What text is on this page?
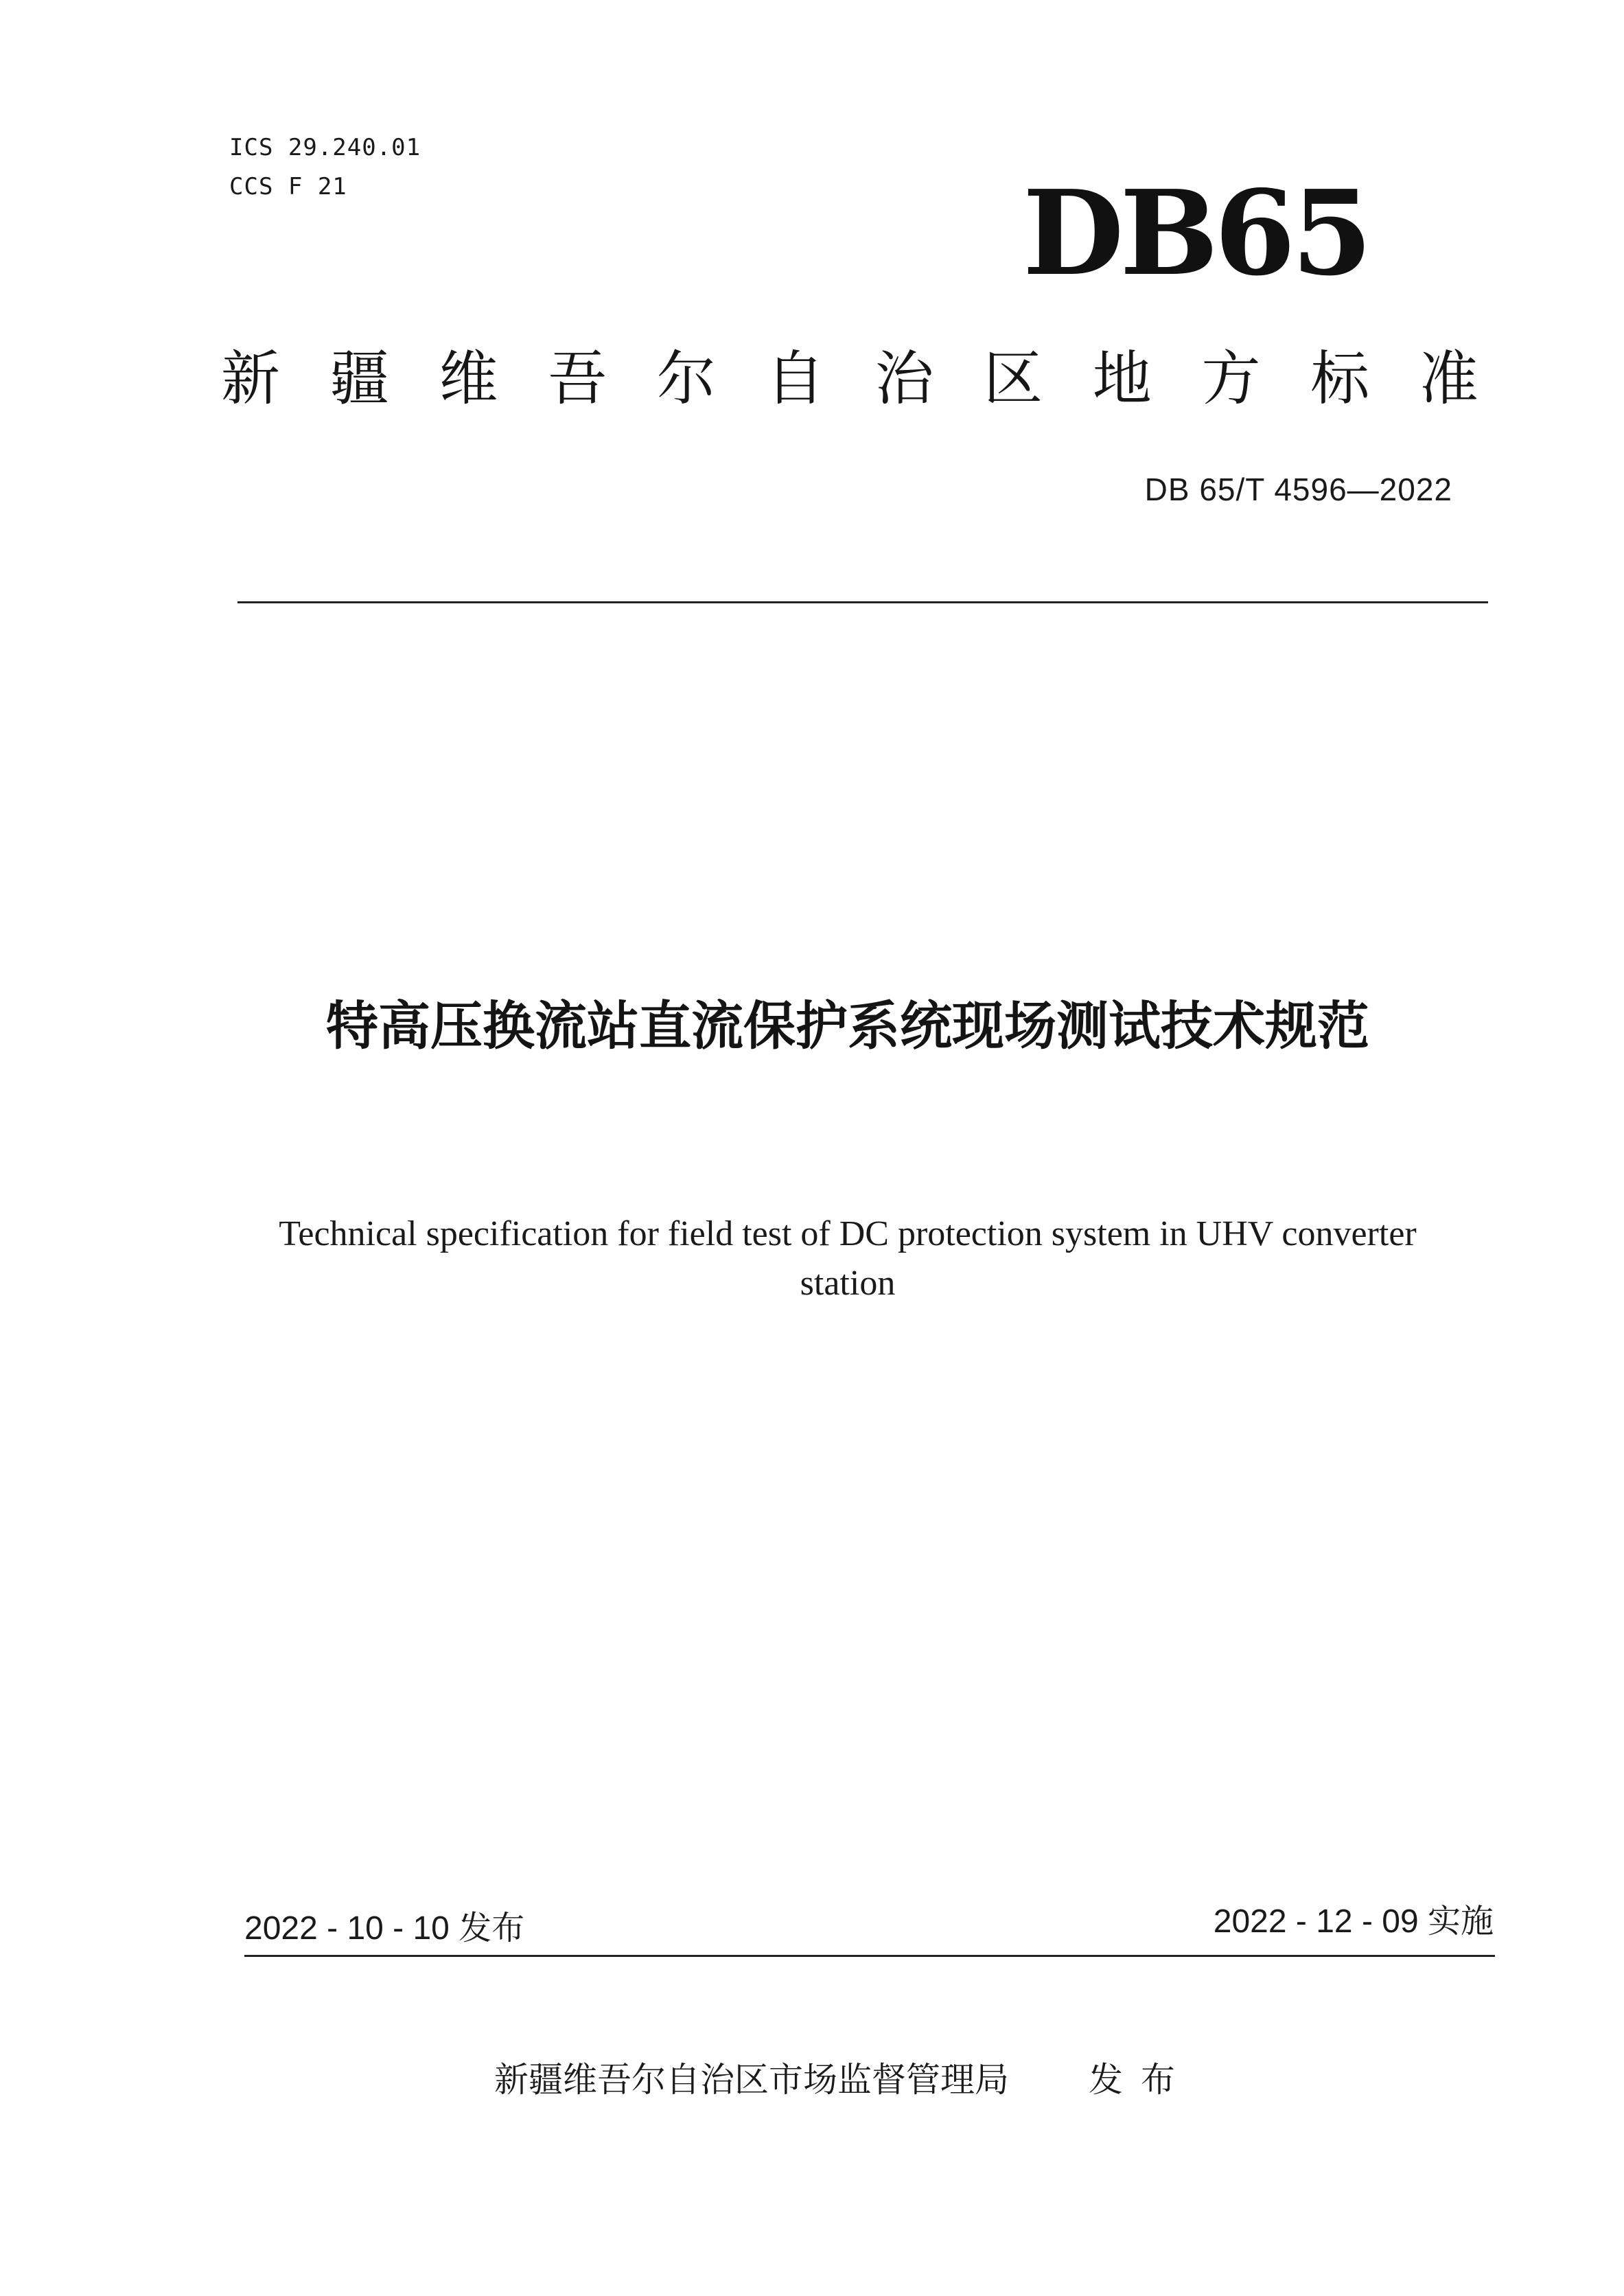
ICS 29.240.01
CCS F 21	DB65
新 疆 维 吾 尔 自 治 区 地 方 标 准
DB 65/T 4596—2022
特高压换流站直流保护系统现场测试技术规范
Technical specification for field test of DC protection system in UHV converter station
2022 - 10 - 10 发布	2022 - 12 - 09 实施
新疆维吾尔自治区市场监督管理局 发布
